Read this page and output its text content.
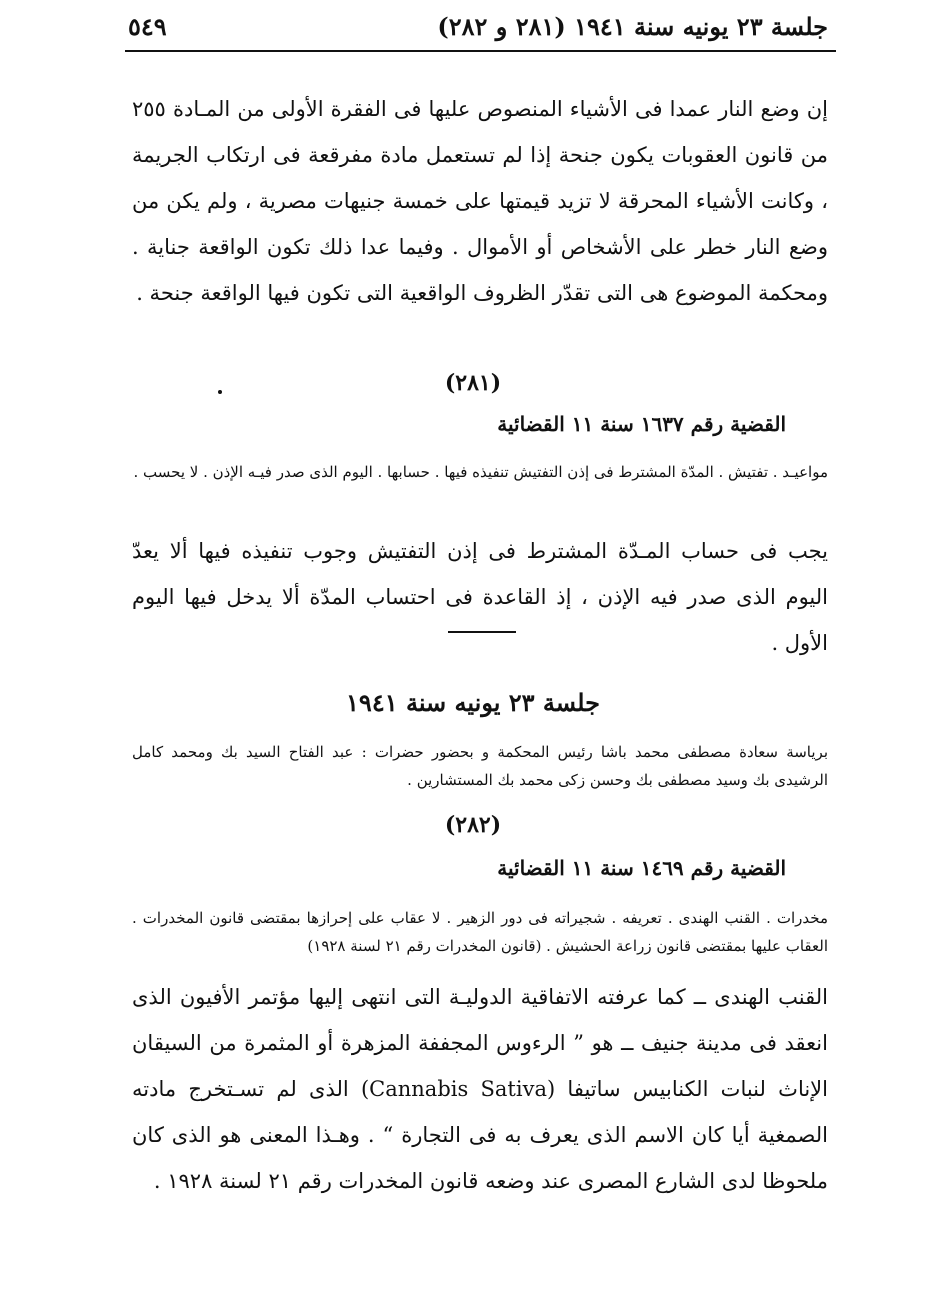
جلسة ٢٣ يونيه سنة ١٩٤١ (٢٨١ و ٢٨٢)
٥٤٩

إن وضع النار عمدا فى الأشياء المنصوص عليها فى الفقرة الأولى من المـادة ٢٥٥ من قانون العقوبات يكون جنحة إذا لم تستعمل مادة مفرقعة فى ارتكاب الجريمة ، وكانت الأشياء المحرقة لا تزيد قيمتها على خمسة جنيهات مصرية ، ولم يكن من وضع النار خطر على الأشخاص أو الأموال . وفيما عدا ذلك تكون الواقعة جناية . ومحكمة الموضوع هى التى تقدّر الظروف الواقعية التى تكون فيها الواقعة جنحة .

(٢٨١)
القضية رقم ١٦٣٧ سنة ١١ القضائية

مواعيـد . تفتيش . المدّة المشترط فى إذن التفتيش تنفيذه فيها . حسابها . اليوم الذى صدر فيـه الإذن . لا يحسب .

يجب فى حساب المـدّة المشترط فى إذن التفتيش وجوب تنفيذه فيها ألا يعدّ اليوم الذى صدر فيه الإذن ، إذ القاعدة فى احتساب المدّة ألا يدخل فيها اليوم الأول .

جلسة ٢٣ يونيه سنة ١٩٤١

برياسة سعادة مصطفى محمد باشا رئيس المحكمة و بحضور حضرات : عبد الفتاح السيد بك ومحمد كامل الرشيدى بك وسيد مصطفى بك وحسن زكى محمد بك المستشارين .

(٢٨٢)
القضية رقم ١٤٦٩ سنة ١١ القضائية

مخدرات . القنب الهندى . تعريفه . شجيراته فى دور الزهير . لا عقاب على إحرازها بمقتضى قانون المخدرات . العقاب عليها بمقتضى قانون زراعة الحشيش . (قانون المخدرات رقم ٢١ لسنة ١٩٢٨)

القنب الهندى ــ كما عرفته الاتفاقية الدوليـة التى انتهى إليها مؤتمر الأفيون الذى انعقد فى مدينة جنيف ــ هو ” الرءوس المجففة المزهرة أو المثمرة من السيقان الإناث لنبات الكنابيس ساتيفا (Cannabis Sativa) الذى لم تسـتخرج مادته الصمغية أيا كان الاسم الذى يعرف به فى التجارة “ . وهـذا المعنى هو الذى كان ملحوظا لدى الشارع المصرى عند وضعه قانون المخدرات رقم ٢١ لسنة ١٩٢٨ .
